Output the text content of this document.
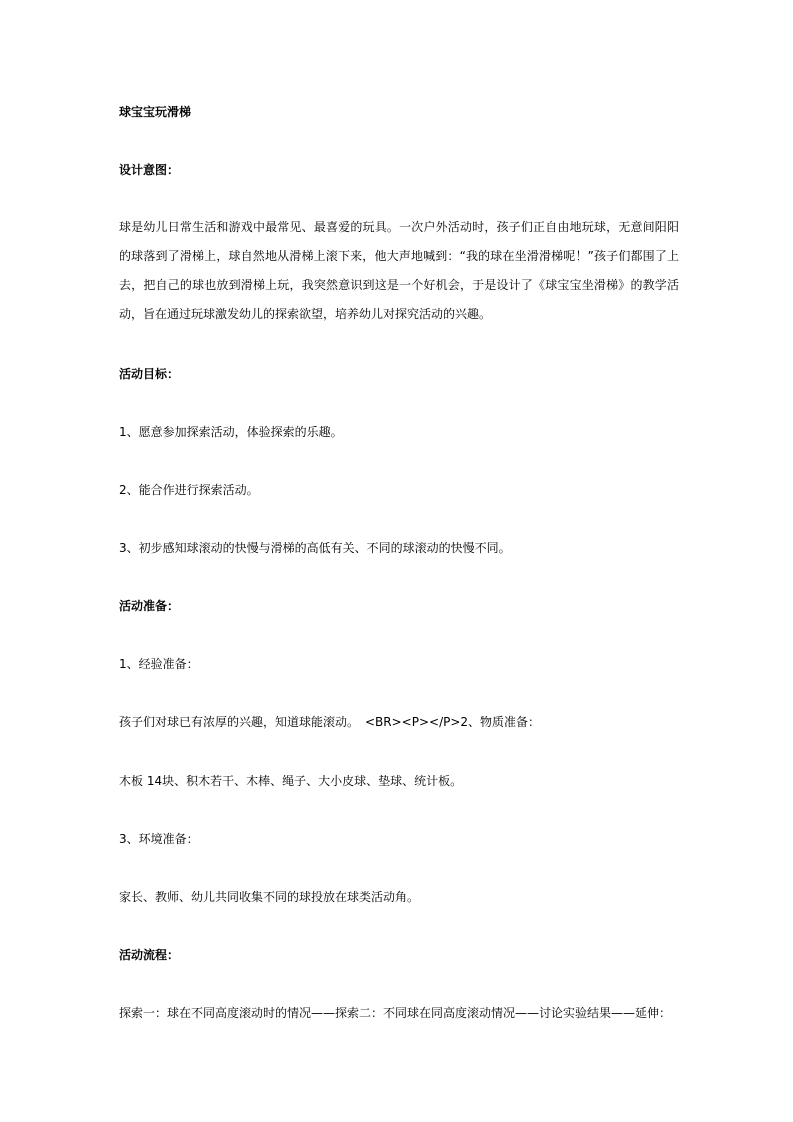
球宝宝玩滑梯
设计意图：
球是幼儿日常生活和游戏中最常见、最喜爱的玩具。一次户外活动时，孩子们正自由地玩球，无意间阳阳的球落到了滑梯上，球自然地从滑梯上滚下来，他大声地喊到：“我的球在坐滑滑梯呢！”孩子们都围了上去，把自己的球也放到滑梯上玩，我突然意识到这是一个好机会，于是设计了《球宝宝坐滑梯》的教学活动，旨在通过玩球激发幼儿的探索欲望，培养幼儿对探究活动的兴趣。
活动目标：
1、愿意参加探索活动，体验探索的乐趣。
2、能合作进行探索活动。
3、初步感知球滚动的快慢与滑梯的高低有关、不同的球滚动的快慢不同。
活动准备：
1、经验准备：
孩子们对球已有浓厚的兴趣，知道球能滚动。　<BR><P></P>2、物质准备：
木板 14块、积木若干、木棒、绳子、大小皮球、垫球、统计板。
3、环境准备：
家长、教师、幼儿共同收集不同的球投放在球类活动角。
活动流程：
探索一：球在不同高度滚动时的情况——探索二：不同球在同高度滚动情况——讨论实验结果——延伸：
